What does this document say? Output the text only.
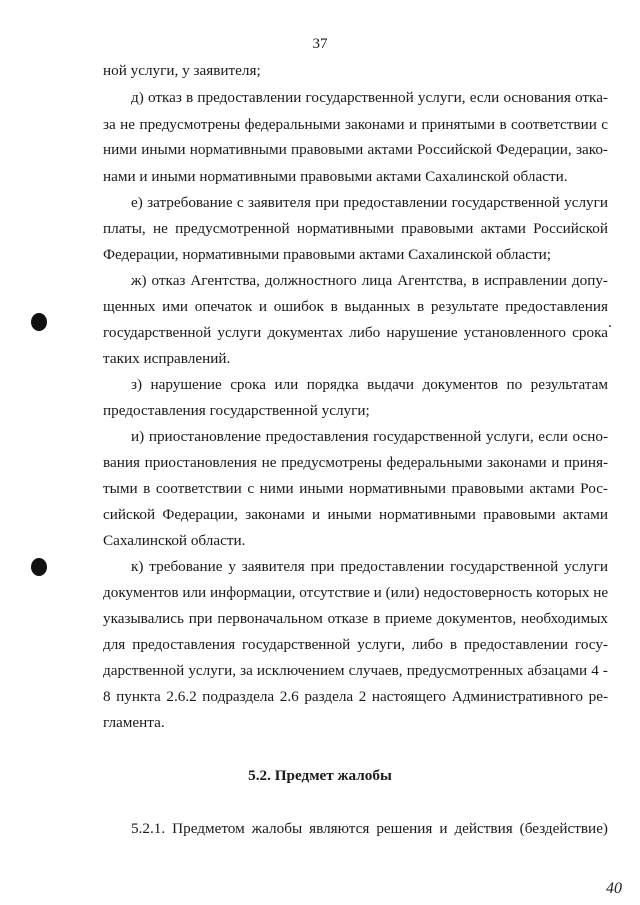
37
ной услуги, у заявителя;
д) отказ в предоставлении государственной услуги, если основания отка-
за не предусмотрены федеральными законами и принятыми в соответствии с
ними иными нормативными правовыми актами Российской Федерации, зако-
нами и иными нормативными правовыми актами Сахалинской области.
е) затребование с заявителя при предоставлении государственной услуги
платы, не предусмотренной нормативными правовыми актами Российской
Федерации, нормативными правовыми актами Сахалинской области;
ж) отказ Агентства, должностного лица Агентства, в исправлении допу-
щенных ими опечаток и ошибок в выданных в результате предоставления
государственной услуги документах либо нарушение установленного срока
таких исправлений.
з) нарушение срока или порядка выдачи документов по результатам
предоставления государственной услуги;
и) приостановление предоставления государственной услуги, если осно-
вания приостановления не предусмотрены федеральными законами и приня-
тыми в соответствии с ними иными нормативными правовыми актами Рос-
сийской Федерации, законами и иными нормативными правовыми актами
Сахалинской области.
к) требование у заявителя при предоставлении государственной услуги
документов или информации, отсутствие и (или) недостоверность которых не
указывались при первоначальном отказе в приеме документов, необходимых
для предоставления государственной услуги, либо в предоставлении госу-
дарственной услуги, за исключением случаев, предусмотренных абзацами 4 -
8 пункта 2.6.2 подраздела 2.6 раздела 2 настоящего Административного ре-
гламента.
5.2. Предмет жалобы
5.2.1. Предметом жалобы являются решения и действия (бездействие)
40
